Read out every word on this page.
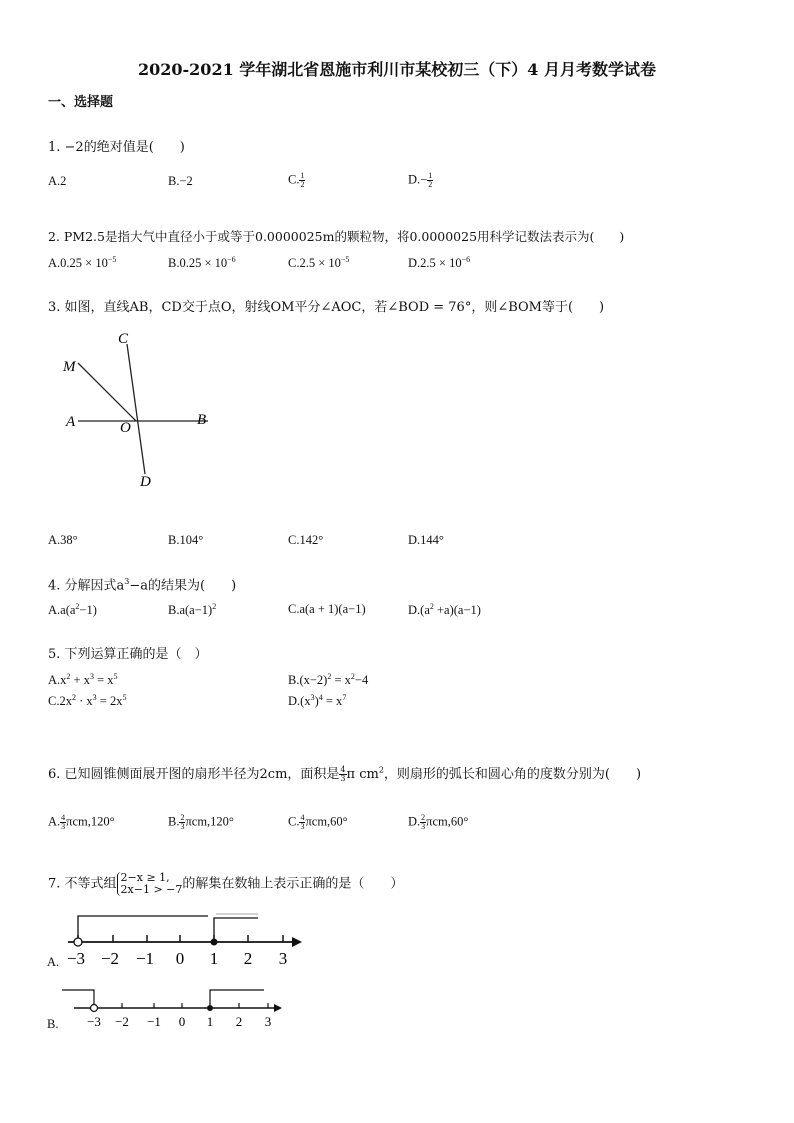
2020-2021 学年湖北省恩施市利川市某校初三（下）4 月月考数学试卷
一、选择题
1. −2的绝对值是(　　)
A.2	B.−2	C. $\frac{1}{2}$	$D.- \frac{1}{2}$
2. PM2.5是指大气中直径小于或等于0.0000025m的颗粒物，将0.0000025用科学记数法表示为(　　)
$A.0.25 \times 10^{-5}$	$B.0.25 \times 10^{-6}$	$C.2.5 \times 10^{-5}$	$D.2.5 \times 10^{-6}$
3. 如图，直线AB，CD交于点O，射线OM平分∠AOC，若∠BOD = 76°，则∠BOM等于(　　)
C
M
A	O	B
D
A.38°	B.104°	C.142°	D.144°
4. 分解因式$a^3-a$的结果为(　　)
$A.a(a^2-1)$	$B.a(a-1)^2$	C.a(a + 1)(a−1)	$D.(a^2 +a)(a-1)$
5. 下列运算正确的是（　）
$A.x^2 + x^3 = x^5$	$B.(x-2)^2 = x^2-4$
$C.2x^2 \cdot x^3 = 2x^5$	$D.(x^3)^4 = x^7$
6. 已知圆锥侧面展开图的扇形半径为2cm，面积是 $\frac{4}{3}$ π $cm^2$，则扇形的弧长和圆心角的度数分别为(　　)
A. $\frac{4}{3} \pi cm,120^\circ$	B. $\frac{2}{3} \pi cm,120^\circ$	C. $\frac{4}{3} \pi cm,60^\circ$	D. $\frac{2}{3} \pi cm,60^\circ$
7. 不等式组 2−x ≥ 1,
2x−1 > −7 的解集在数轴上表示正确的是（　　）
A. −3 −2 −1 0 1 2 3
B. −3 −2 −1 0 1 2 3
